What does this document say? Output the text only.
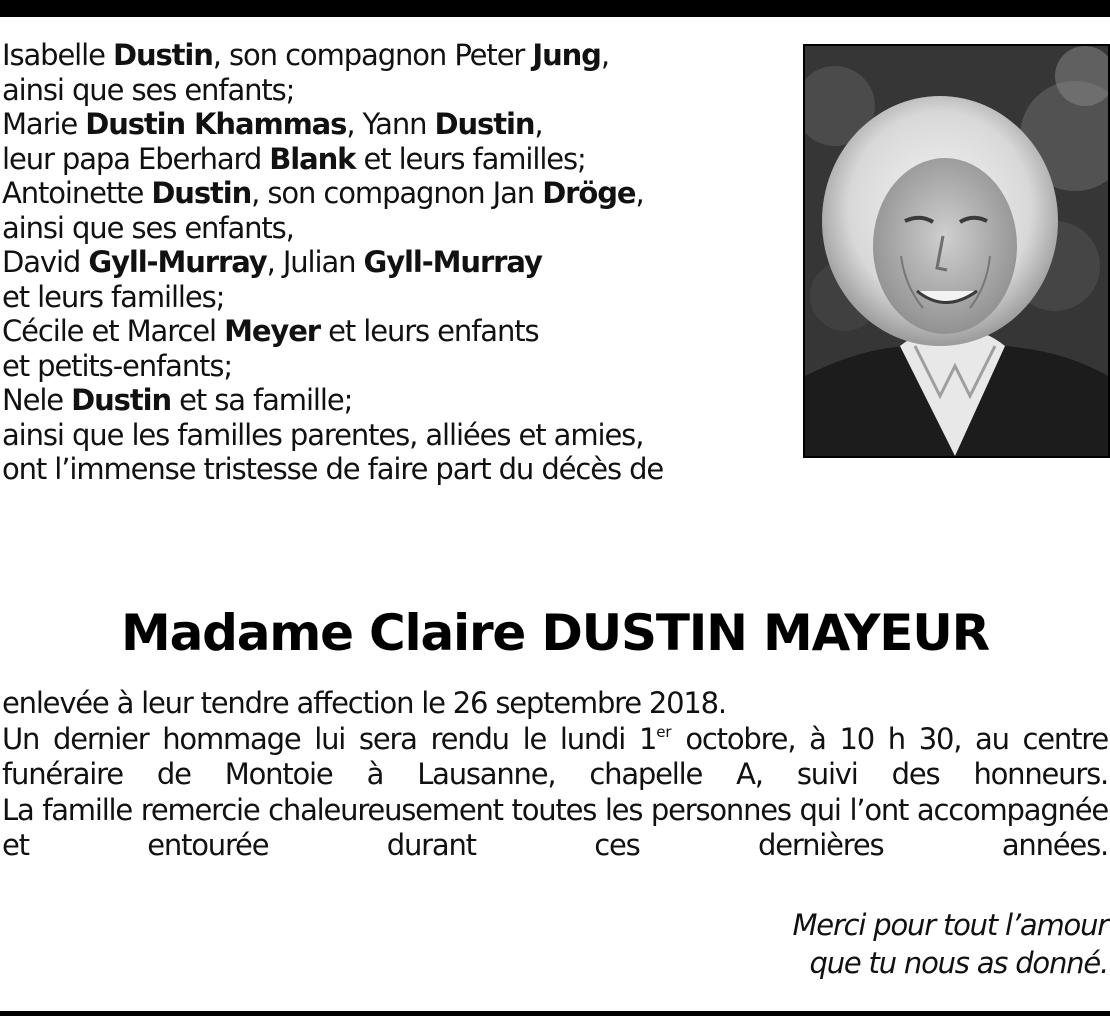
Isabelle Dustin, son compagnon Peter Jung,
ainsi que ses enfants;
Marie Dustin Khammas, Yann Dustin,
leur papa Eberhard Blank et leurs familles;
Antoinette Dustin, son compagnon Jan Dröge,
ainsi que ses enfants,
David Gyll-Murray, Julian Gyll-Murray
et leurs familles;
Cécile et Marcel Meyer et leurs enfants
et petits-enfants;
Nele Dustin et sa famille;
ainsi que les familles parentes, alliées et amies,
ont l’immense tristesse de faire part du décès de
Madame Claire DUSTIN MAYEUR

enlevée à leur tendre affection le 26 septembre 2018.

Un dernier hommage lui sera rendu le lundi 1er octobre, à 10 h 30, au centre funéraire de Montoie à Lausanne, chapelle A, suivi des honneurs.

La famille remercie chaleureusement toutes les personnes qui l’ont accompagnée et entourée durant ces dernières années.

Merci pour tout l’amour
que tu nous as donné.
